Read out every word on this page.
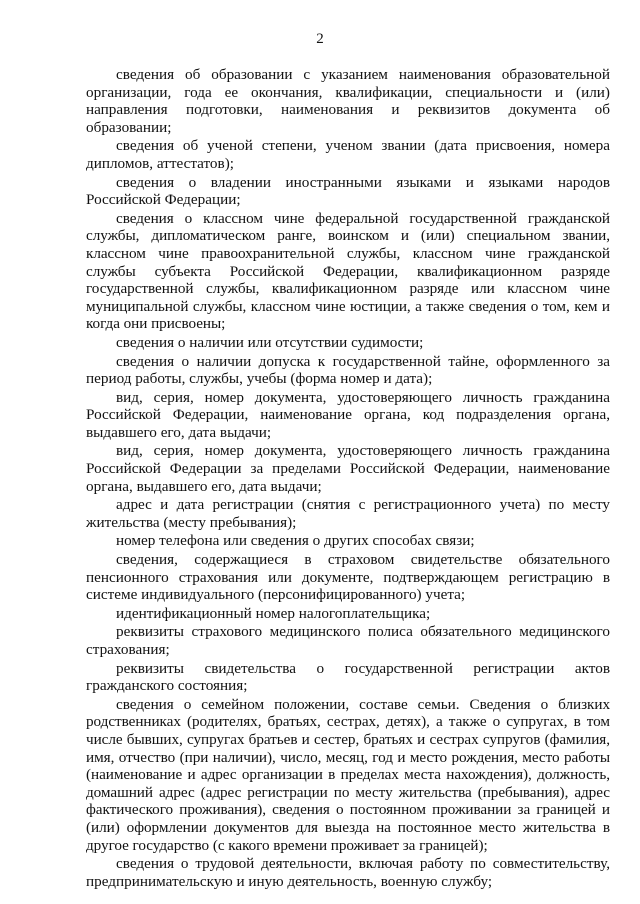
2

сведения об образовании с указанием наименования образовательной организации, года ее окончания, квалификации, специальности и (или) направления подготовки, наименования и реквизитов документа об образовании;

сведения об ученой степени, ученом звании (дата присвоения, номера дипломов, аттестатов);

сведения о владении иностранными языками и языками народов Российской Федерации;

сведения о классном чине федеральной государственной гражданской службы, дипломатическом ранге, воинском и (или) специальном звании, классном чине правоохранительной службы, классном чине гражданской службы субъекта Российской Федерации, квалификационном разряде государственной службы, квалификационном разряде или классном чине муниципальной службы, классном чине юстиции, а также сведения о том, кем и когда они присвоены;

сведения о наличии или отсутствии судимости;

сведения о наличии допуска к государственной тайне, оформленного за период работы, службы, учебы (форма номер и дата);

вид, серия, номер документа, удостоверяющего личность гражданина Российской Федерации, наименование органа, код подразделения органа, выдавшего его, дата выдачи;

вид, серия, номер документа, удостоверяющего личность гражданина Российской Федерации за пределами Российской Федерации, наименование органа, выдавшего его, дата выдачи;

адрес и дата регистрации (снятия с регистрационного учета) по месту жительства (месту пребывания);

номер телефона или сведения о других способах связи;

сведения, содержащиеся в страховом свидетельстве обязательного пенсионного страхования или документе, подтверждающем регистрацию в системе индивидуального (персонифицированного) учета;

идентификационный номер налогоплательщика;

реквизиты страхового медицинского полиса обязательного медицинского страхования;

реквизиты свидетельства о государственной регистрации актов гражданского состояния;

сведения о семейном положении, составе семьи. Сведения о близких родственниках (родителях, братьях, сестрах, детях), а также о супругах, в том числе бывших, супругах братьев и сестер, братьях и сестрах супругов (фамилия, имя, отчество (при наличии), число, месяц, год и место рождения, место работы (наименование и адрес организации в пределах места нахождения), должность, домашний адрес (адрес регистрации по месту жительства (пребывания), адрес фактического проживания), сведения о постоянном проживании за границей и (или) оформлении документов для выезда на постоянное место жительства в другое государство (с какого времени проживает за границей);

сведения о трудовой деятельности, включая работу по совместительству, предпринимательскую и иную деятельность, военную службу;
